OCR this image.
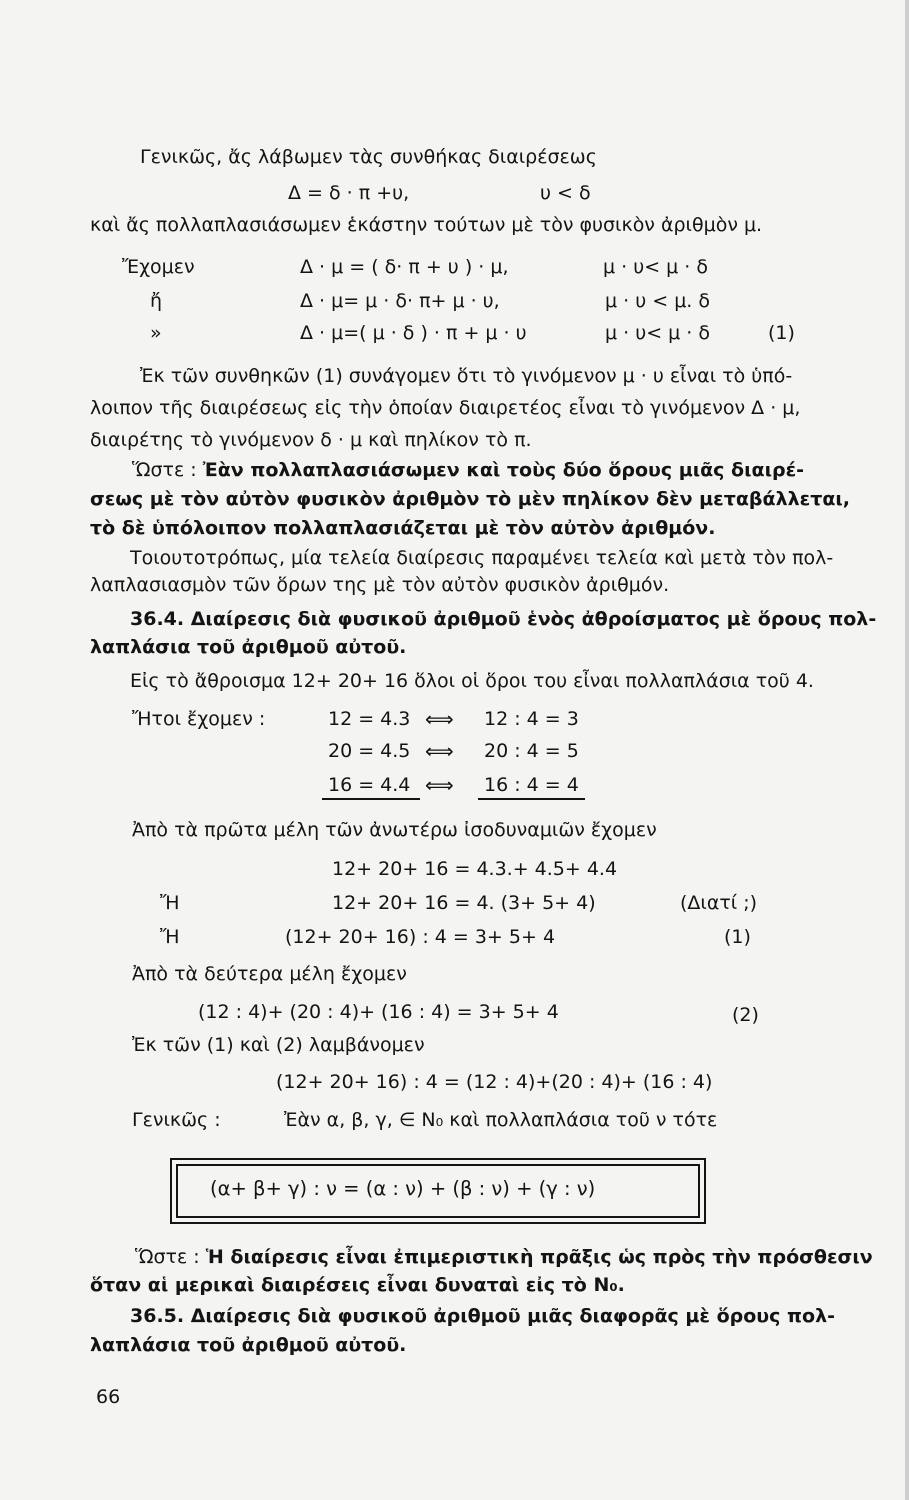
Γενικῶς, ἄς λάβωμεν τὰς συνθήκας διαιρέσεως
Δ = δ · π +υ,	υ < δ
καὶ ἄς πολλαπλασιάσωμεν ἑκάστην τούτων μὲ τὸν φυσικὸν ἀριθμὸν μ.
Ἔχομεν	Δ · μ = ( δ· π + υ ) · μ,	μ · υ< μ · δ
ἤ	Δ · μ= μ · δ· π+ μ · υ,	μ · υ < μ. δ
»	Δ · μ=( μ · δ ) · π + μ · υ	μ · υ< μ · δ	(1)
Ἐκ τῶν συνθηκῶν (1) συνάγομεν ὅτι τὸ γινόμενον μ · υ εἶναι τὸ ὑπό-
λοιπον τῆς διαιρέσεως εἰς τὴν ὁποίαν διαιρετέος εἶναι τὸ γινόμενον Δ · μ,
διαιρέτης τὸ γινόμενον δ · μ καὶ πηλίκον τὸ π.
Ὥστε : Ἐὰν πολλαπλασιάσωμεν καὶ τοὺς δύο ὅρους μιᾶς διαιρέ-
σεως μὲ τὸν αὐτὸν φυσικὸν ἀριθμὸν τὸ μὲν πηλίκον δὲν μεταβάλλεται,
τὸ δὲ ὑπόλοιπον πολλαπλασιάζεται μὲ τὸν αὐτὸν ἀριθμόν.
Τοιουτοτρόπως, μία τελεία διαίρεσις παραμένει τελεία καὶ μετὰ τὸν πολ-
λαπλασιασμὸν τῶν ὅρων της μὲ τὸν αὐτὸν φυσικὸν ἀριθμόν.
36.4. Διαίρεσις διὰ φυσικοῦ ἀριθμοῦ ἑνὸς ἀθροίσματος μὲ ὅρους πολ-
λαπλάσια τοῦ ἀριθμοῦ αὐτοῦ.
Εἰς τὸ ἄθροισμα 12+ 20+ 16 ὅλοι οἱ ὅροι του εἶναι πολλαπλάσια τοῦ 4.
Ἤτοι ἔχομεν :	12 = 4.3 ⟺ 12 : 4 = 3
20 = 4.5 ⟺ 20 : 4 = 5
16 = 4.4 ⟺	16 : 4 = 4
Ἀπὸ τὰ πρῶτα μέλη τῶν ἀνωτέρω ἰσοδυναμιῶν ἔχομεν
12+ 20+ 16 = 4.3.+ 4.5+ 4.4
Ἤ	12+ 20+ 16 = 4. (3+ 5+ 4)	(Διατί ;)
Ἤ	(12+ 20+ 16) : 4 = 3+ 5+ 4	(1)
Ἀπὸ τὰ δεύτερα μέλη ἔχομεν
(12 : 4)+ (20 : 4)+ (16 : 4) = 3+ 5+ 4	(2)
Ἐκ τῶν (1) καὶ (2) λαμβάνομεν
(12+ 20+ 16) : 4 = (12 : 4)+(20 : 4)+ (16 : 4)
Γενικῶς :	Ἐὰν α, β, γ, ∈ N₀ καὶ πολλαπλάσια τοῦ ν τότε
(α+ β+ γ) : ν = (α : ν) + (β : ν) + (γ : ν)
Ὥστε : Ἡ διαίρεσις εἶναι ἐπιμεριστικὴ πρᾶξις ὡς πρὸς τὴν πρόσθεσιν
ὅταν αἱ μερικαὶ διαιρέσεις εἶναι δυναταὶ εἰς τὸ N₀.
36.5. Διαίρεσις διὰ φυσικοῦ ἀριθμοῦ μιᾶς διαφορᾶς μὲ ὅρους πολ-
λαπλάσια τοῦ ἀριθμοῦ αὐτοῦ.
66
